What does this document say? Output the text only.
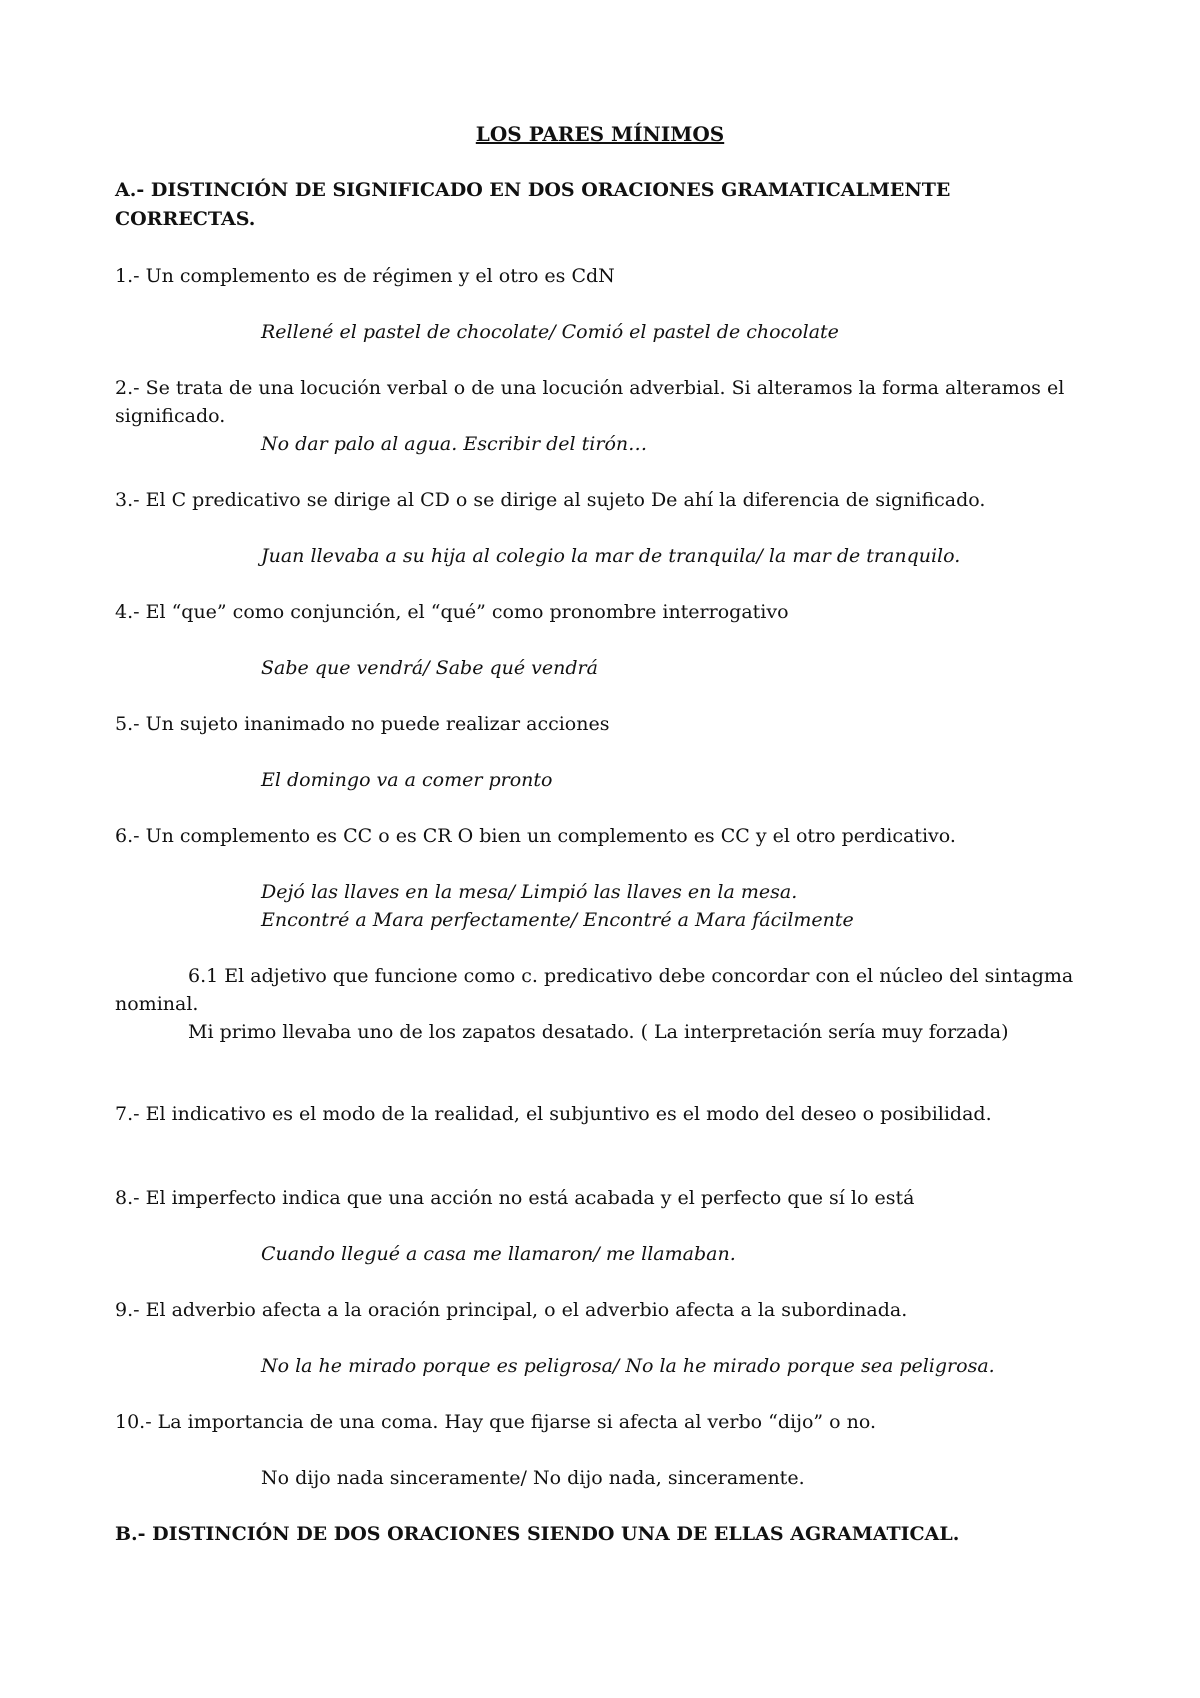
LOS PARES MÍNIMOS

A.- DISTINCIÓN DE SIGNIFICADO EN DOS ORACIONES GRAMATICALMENTE

CORRECTAS.

1.- Un complemento es de régimen y el otro es CdN

Rellené el pastel de chocolate/ Comió el pastel de chocolate

2.- Se trata de una locución verbal o de una locución adverbial. Si alteramos la forma alteramos el

significado.

No dar palo al agua. Escribir del tirón…

3.- El C predicativo se dirige al CD o se dirige al sujeto De ahí la diferencia de significado.

Juan llevaba a su hija al colegio la mar de tranquila/ la mar de tranquilo.

4.- El “que” como conjunción, el “qué” como pronombre interrogativo

Sabe que vendrá/ Sabe qué vendrá

5.- Un sujeto inanimado no puede realizar acciones

El domingo va a comer pronto

6.- Un complemento es CC o es CR O bien un complemento es CC y el otro perdicativo.

Dejó las llaves en la mesa/ Limpió las llaves en la mesa.

Encontré a Mara perfectamente/ Encontré a Mara fácilmente

6.1 El adjetivo que funcione como c. predicativo debe concordar con el núcleo del sintagma

nominal.

Mi primo llevaba uno de los zapatos desatado. ( La interpretación sería muy forzada)

7.- El indicativo es el modo de la realidad, el subjuntivo es el modo del deseo o posibilidad.

8.- El imperfecto indica que una acción no está acabada y el perfecto que sí lo está

Cuando llegué a casa me llamaron/ me llamaban.

9.- El adverbio afecta a la oración principal, o el adverbio afecta a la subordinada.

No la he mirado porque es peligrosa/ No la he mirado porque sea peligrosa.

10.- La importancia de una coma. Hay que fijarse si afecta al verbo “dijo” o no.

No dijo nada sinceramente/ No dijo nada, sinceramente.

B.- DISTINCIÓN DE DOS ORACIONES SIENDO UNA DE ELLAS AGRAMATICAL.
